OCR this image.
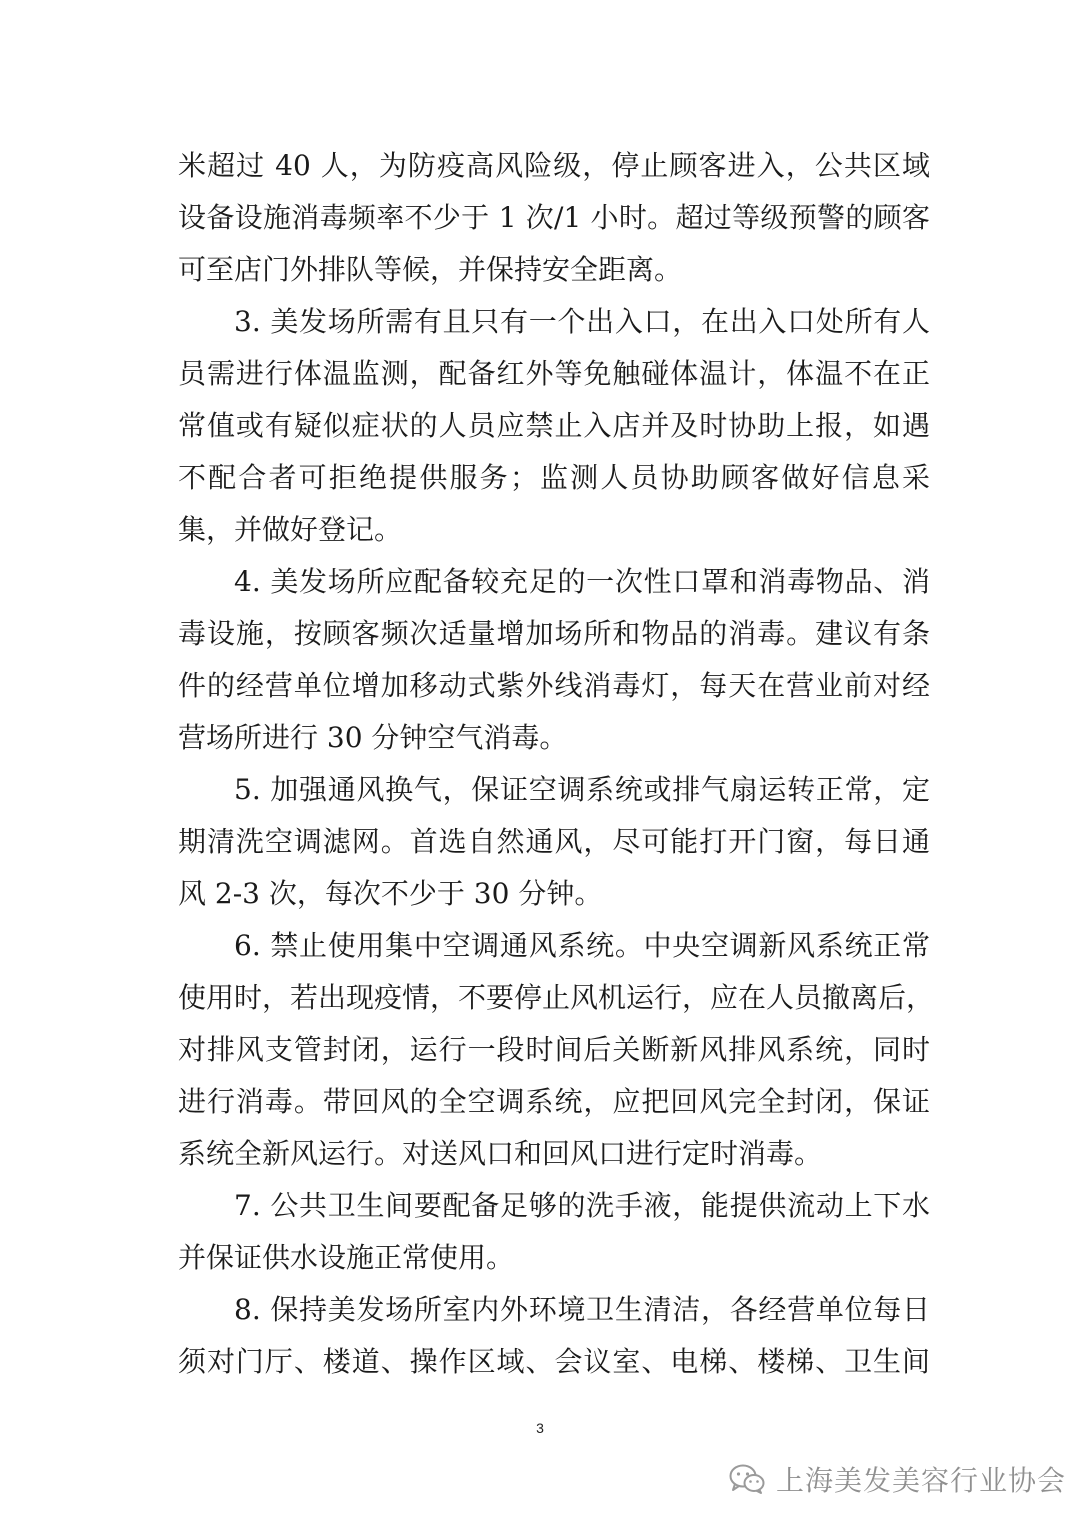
米超过 40 人，为防疫高风险级，停止顾客进入，公共区域
设备设施消毒频率不少于 1 次/1 小时。超过等级预警的顾客
可至店门外排队等候，并保持安全距离。
3. 美发场所需有且只有一个出入口，在出入口处所有人
员需进行体温监测，配备红外等免触碰体温计，体温不在正
常值或有疑似症状的人员应禁止入店并及时协助上报，如遇
不配合者可拒绝提供服务；监测人员协助顾客做好信息采
集，并做好登记。
4. 美发场所应配备较充足的一次性口罩和消毒物品、消
毒设施，按顾客频次适量增加场所和物品的消毒。建议有条
件的经营单位增加移动式紫外线消毒灯，每天在营业前对经
营场所进行 30 分钟空气消毒。
5. 加强通风换气，保证空调系统或排气扇运转正常，定
期清洗空调滤网。首选自然通风，尽可能打开门窗，每日通
风 2-3 次，每次不少于 30 分钟。
6. 禁止使用集中空调通风系统。中央空调新风系统正常
使用时，若出现疫情，不要停止风机运行，应在人员撤离后，
对排风支管封闭，运行一段时间后关断新风排风系统，同时
进行消毒。带回风的全空调系统，应把回风完全封闭，保证
系统全新风运行。对送风口和回风口进行定时消毒。
7. 公共卫生间要配备足够的洗手液，能提供流动上下水
并保证供水设施正常使用。
8. 保持美发场所室内外环境卫生清洁，各经营单位每日
须对门厅、楼道、操作区域、会议室、电梯、楼梯、卫生间
3
上海美发美容行业协会
